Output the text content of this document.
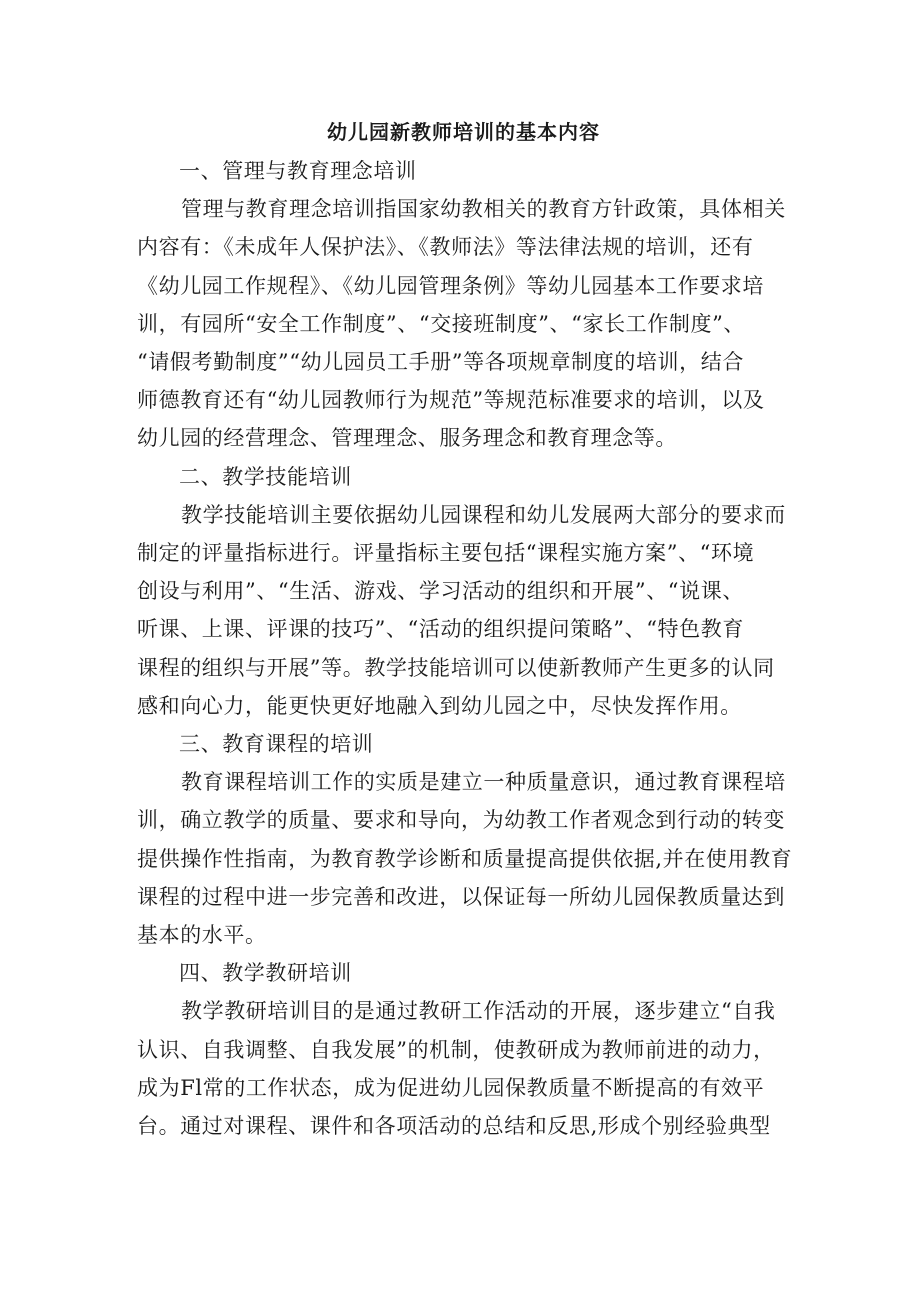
幼儿园新教师培训的基本内容
一、管理与教育理念培训

管理与教育理念培训指国家幼教相关的教育方针政策，具体相关

内容有：《未成年人保护法》、《教师法》等法律法规的培训，还有

《幼儿园工作规程》、《幼儿园管理条例》等幼儿园基本工作要求培

训，有园所“安全工作制度”、“交接班制度”、“家长工作制度”、

“请假考勤制度”“幼儿园员工手册”等各项规章制度的培训，结合

师德教育还有“幼儿园教师行为规范”等规范标准要求的培训，以及

幼儿园的经营理念、管理理念、服务理念和教育理念等。

二、教学技能培训

教学技能培训主要依据幼儿园课程和幼儿发展两大部分的要求而

制定的评量指标进行。评量指标主要包括“课程实施方案”、“环境

创设与利用”、“生活、游戏、学习活动的组织和开展”、“说课、

听课、上课、评课的技巧”、“活动的组织提问策略”、“特色教育

课程的组织与开展”等。教学技能培训可以使新教师产生更多的认同

感和向心力，能更快更好地融入到幼儿园之中，尽快发挥作用。

三、教育课程的培训

教育课程培训工作的实质是建立一种质量意识，通过教育课程培

训，确立教学的质量、要求和导向，为幼教工作者观念到行动的转变

提供操作性指南，为教育教学诊断和质量提高提供依据,并在使用教育

课程的过程中进一步完善和改进，以保证每一所幼儿园保教质量达到

基本的水平。

四、教学教研培训

教学教研培训目的是通过教研工作活动的开展，逐步建立“自我

认识、自我调整、自我发展”的机制，使教研成为教师前进的动力，

成为Fl常的工作状态，成为促进幼儿园保教质量不断提高的有效平

台。通过对课程、课件和各项活动的总结和反思,形成个别经验典型
